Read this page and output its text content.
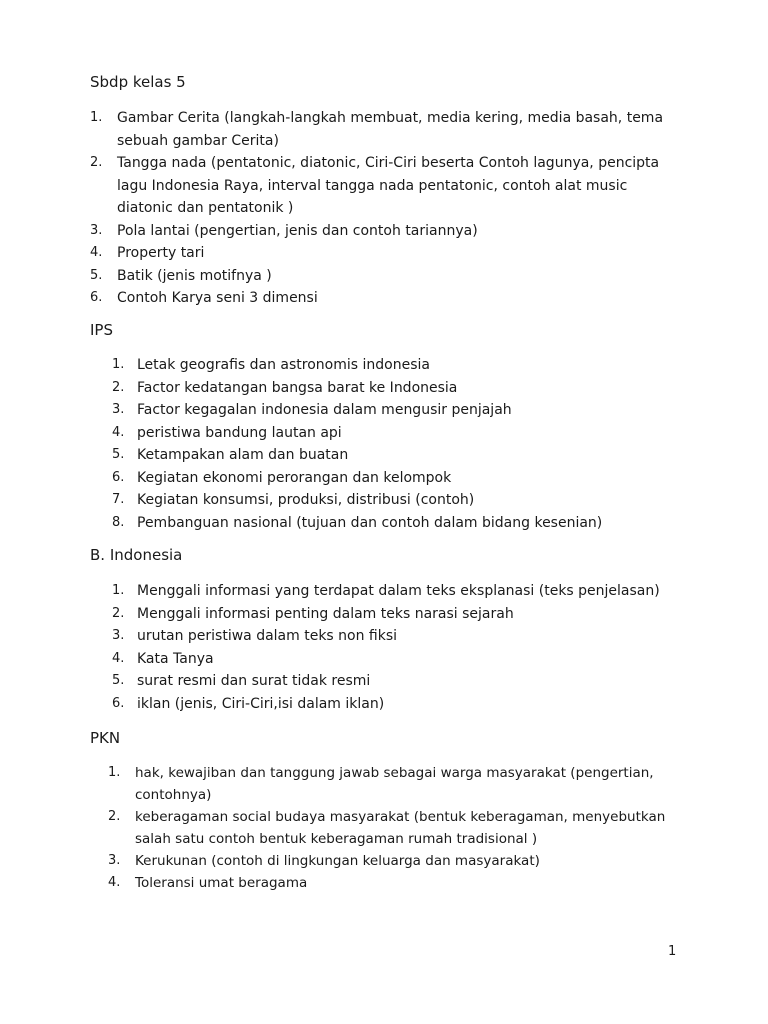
Sbdp kelas 5
1.	Gambar Cerita (langkah-langkah membuat, media kering, media basah, tema sebuah gambar Cerita)
2.	Tangga nada (pentatonic, diatonic, Ciri-Ciri beserta Contoh lagunya, pencipta lagu Indonesia Raya, interval tangga nada pentatonic, contoh alat music diatonic dan pentatonik )
3.	Pola lantai (pengertian, jenis dan contoh tariannya)
4.	Property tari
5.	Batik (jenis motifnya )
6.	Contoh Karya seni 3 dimensi
IPS
1. Letak geografis dan astronomis indonesia
2. Factor kedatangan bangsa barat ke Indonesia
3. Factor kegagalan indonesia dalam mengusir penjajah
4. peristiwa bandung lautan api
5. Ketampakan alam dan buatan
6. Kegiatan ekonomi perorangan dan kelompok
7. Kegiatan konsumsi, produksi, distribusi (contoh)
8. Pembanguan nasional (tujuan dan contoh dalam bidang kesenian)
B. Indonesia
1. Menggali informasi yang terdapat dalam teks eksplanasi (teks penjelasan)
2. Menggali informasi penting dalam teks narasi sejarah
3. urutan peristiwa dalam teks non fiksi
4. Kata Tanya
5. surat resmi dan surat tidak resmi
6. iklan (jenis, Ciri-Ciri,isi dalam iklan)
PKN
1.	hak, kewajiban dan tanggung jawab sebagai warga masyarakat (pengertian, contohnya)
2.	keberagaman social budaya masyarakat (bentuk keberagaman, menyebutkan salah satu contoh bentuk keberagaman rumah tradisional )
3.	Kerukunan (contoh di lingkungan keluarga dan masyarakat)
4.	Toleransi umat beragama
1
